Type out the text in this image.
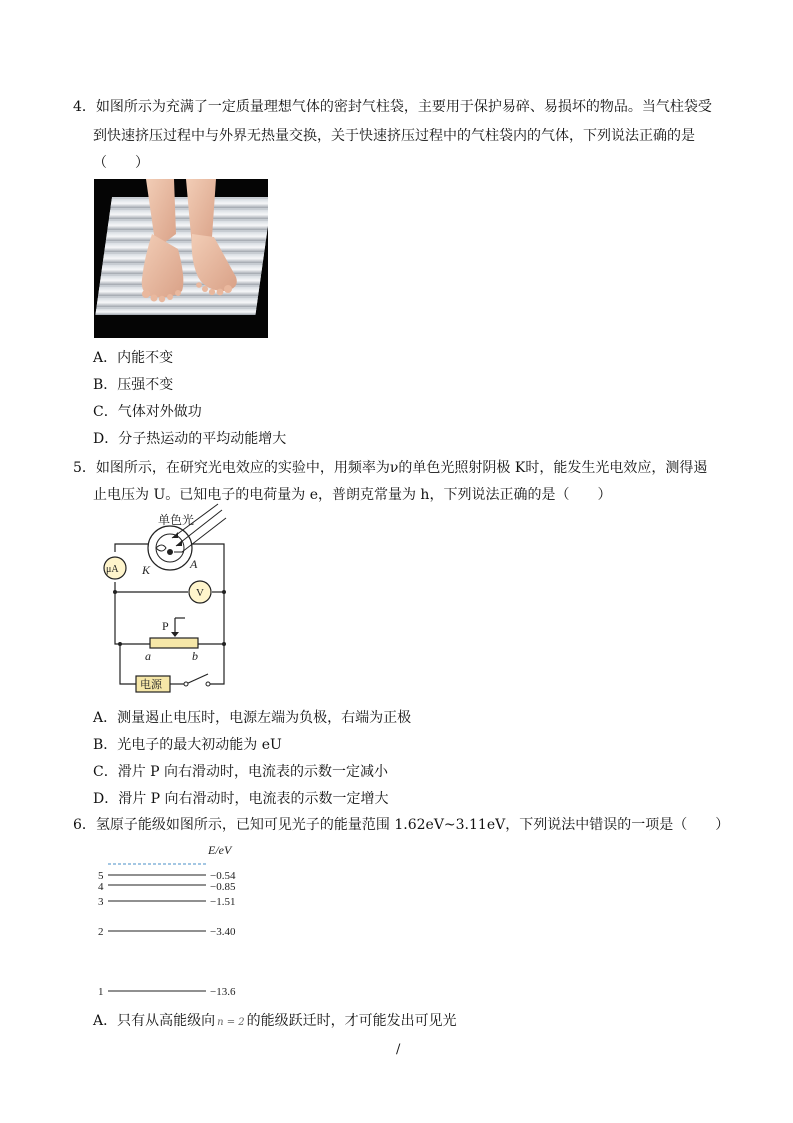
4．如图所示为充满了一定质量理想气体的密封气柱袋，主要用于保护易碎、易损坏的物品。当气柱袋受
到快速挤压过程中与外界无热量交换，关于快速挤压过程中的气柱袋内的气体，下列说法正确的是
（　　）
A．内能不变
B．压强不变
C．气体对外做功
D．分子热运动的平均动能增大
5．如图所示，在研究光电效应的实验中，用频率为ν的单色光照射阴极 K时，能发生光电效应，测得遏
止电压为 U。已知电子的电荷量为 e，普朗克常量为 h，下列说法正确的是（　　）
单色光
K	A
μA
V
P
a	b
电源
A．测量遏止电压时，电源左端为负极，右端为正极
B．光电子的最大初动能为 eU
C．滑片 P 向右滑动时，电流表的示数一定减小
D．滑片 P 向右滑动时，电流表的示数一定增大
6．氢原子能级如图所示，已知可见光子的能量范围 1.62eV~3.11eV，下列说法中错误的一项是（　　）
E/eV
5	−0.54
4	−0.85
3	−1.51
2	−3.40
1	−13.6
A．只有从高能级向 n = 2 的能级跃迁时，才可能发出可见光
/
